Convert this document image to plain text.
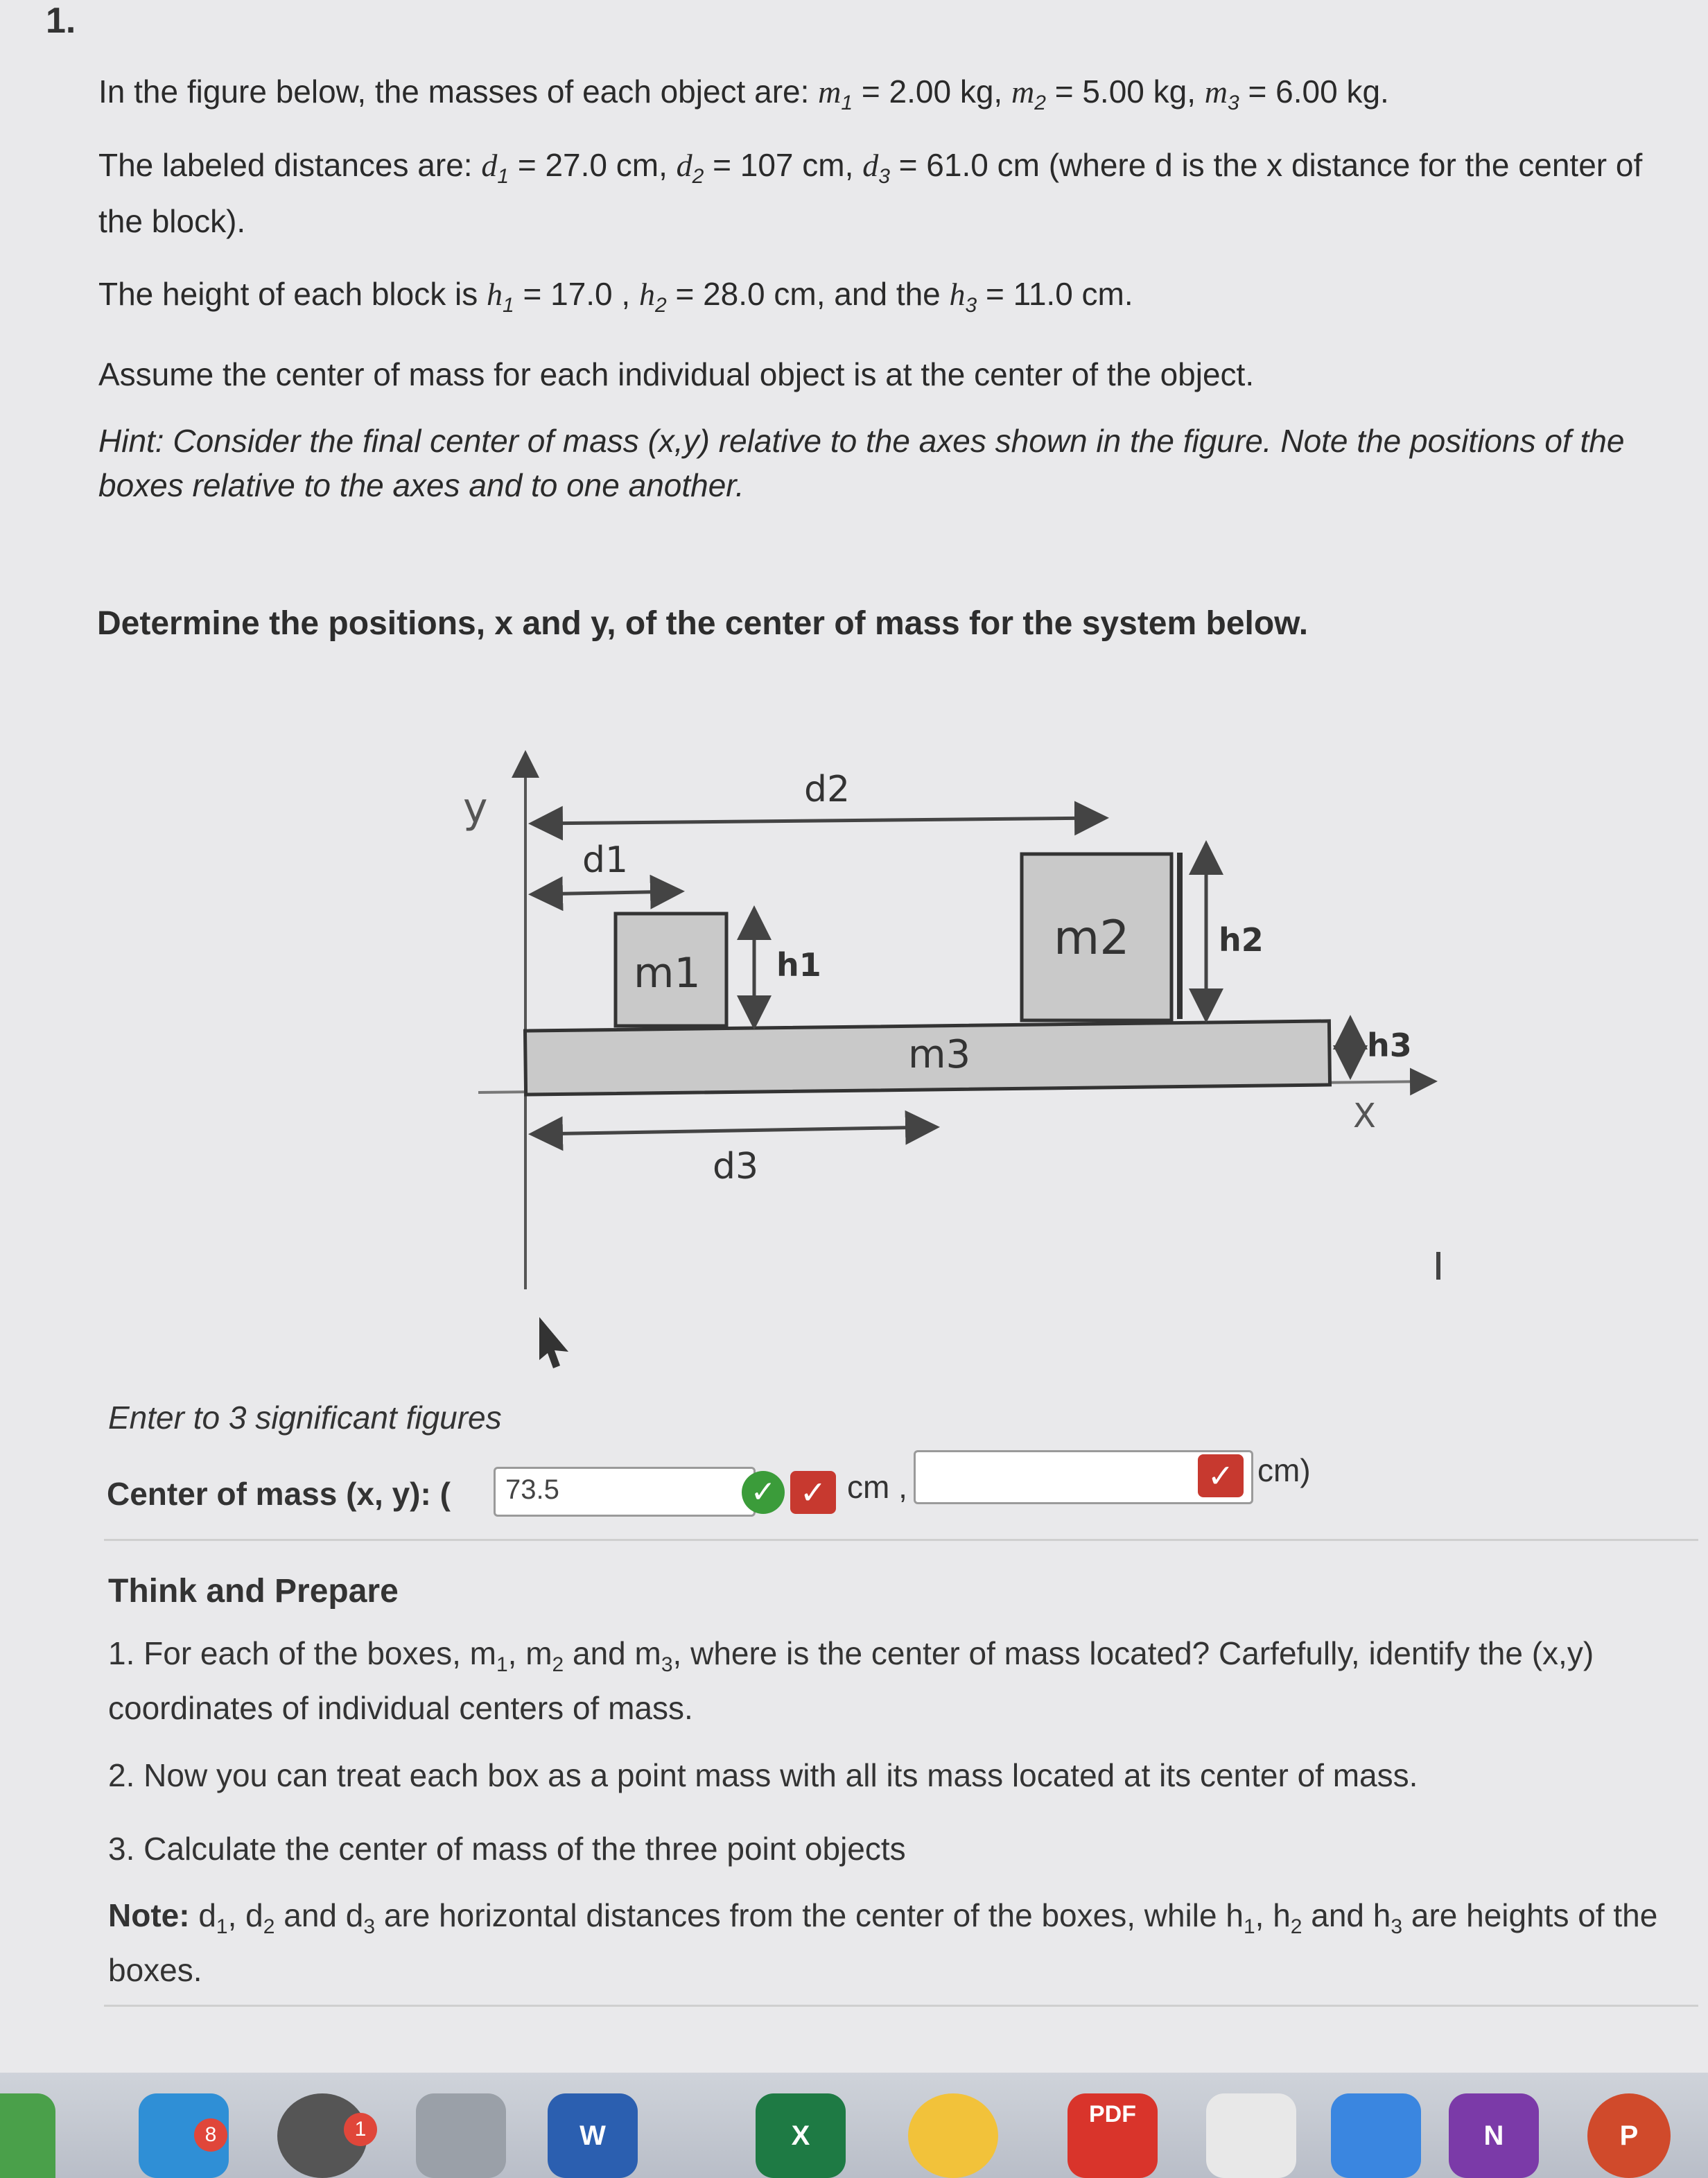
1.
In the figure below, the masses of each object are: $m_1 = 2.00$ kg, $m_2 = 5.00$ kg, $m_3 = 6.00$ kg.
The labeled distances are: $d_1 = 27.0$ cm, $d_2 = 107$ cm, $d_3 = 61.0$ cm (where d is the x distance for the center of the block).
The height of each block is $h_1 = 17.0$ , $h_2 = 28.0$ cm, and the $h_3 = 11.0$ cm.
Assume the center of mass for each individual object is at the center of the object.
Hint: Consider the final center of mass (x,y) relative to the axes shown in the figure. Note the positions of the boxes relative to the axes and to one another.
Determine the positions, x and y, of the center of mass for the system below.
y
X
d2
d1
m3
m1 h1	m2	h2
h3
d3
Enter to 3 significant figures
Center of mass (x, y): (	73.5	✓ ✓ cm ,	✓ cm)
Think and Prepare
1. For each of the boxes, $m_1$, $m_2$ and $m_3$, where is the center of mass located? Carfefully, identify the (x,y) coordinates of individual centers of mass.
2. Now you can treat each box as a point mass with all its mass located at its center of mass.
3. Calculate the center of mass of the three point objects
Note: $d_1$, $d_2$ and $d_3$ are horizontal distances from the center of the boxes, while $h_1$, $h_2$ and $h_3$ are heights of the boxes.
8	1	W	X
PDF
N	P
